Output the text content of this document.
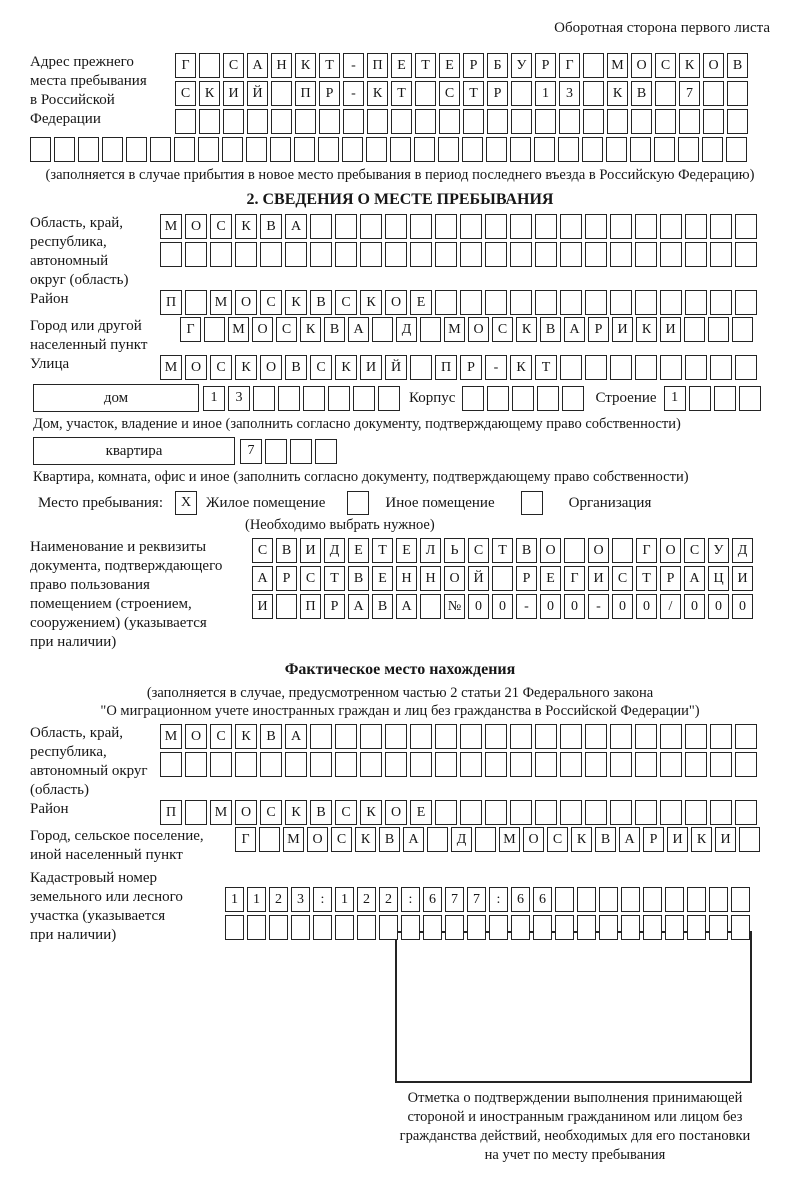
Оборотная сторона первого листа
Адрес прежнего
места пребывания
в Российской
Федерации
Г	С	А Н	К	Т	-	П	Е	Т	Е	Р	Б	У	Р	Г	М О	С	К	О	В
С	К	И Й	П	Р	-	К	Т	С	Т	Р	1	3	К	В	7
(заполняется в случае прибытия в новое место пребывания в период последнего въезда в Российскую Федерацию)
2. СВЕДЕНИЯ О МЕСТЕ ПРЕБЫВАНИЯ
Область, край,
республика,
автономный
округ (область)
М О	С	К	В	А
Район	П	М О	С	К	В	С	К	О	Е
Город или другой
населенный пункт
Г	М О	С	К	В	А	Д	М О	С	К	В	А	Р	И	К	И
Улица	М О	С	К	О	В	С	К	И	Й	П	Р	-	К	Т
дом	1	3	Корпус	Строение	1
Дом, участок, владение и иное (заполнить согласно документу, подтверждающему право собственности)
квартира	7
Квартира, комната, офис и иное (заполнить согласно документу, подтверждающему право собственности)
Место пребывания:	X Жилое помещение	Иное помещение	Организация
(Необходимо выбрать нужное)
Наименование и реквизиты
документа, подтверждающего
право пользования
помещением (строением,
сооружением) (указывается
при наличии)
С	В	И	Д	Е	Т	Е	Л	Ь	С	Т	В	О	О	Г	О	С	У	Д
А	Р	С	Т	В	Е	Н Н О Й	Р	Е	Г	И	С	Т	Р	А Ц И
И	П	Р	А	В	А	№ 0	0	-	0	0	-	0	0	/	0	0	0
Фактическое место нахождения
(заполняется в случае, предусмотренном частью 2 статьи 21 Федерального закона
"О миграционном учете иностранных граждан и лиц без гражданства в Российской Федерации")
Область, край,
республика,
автономный округ
(область)
М О	С	К	В	А
Район	П	М О	С	К	В	С	К	О	Е
Город, сельское поселение,
иной населенный пункт
Г	М О	С	К	В	А	Д	М О	С	К	В	А	Р	И	К	И
Кадастровый номер
земельного или лесного
участка (указывается
при наличии)
1	1	2	3	:	1	2	2	:	6	7	7	:	6	6
Отметка о подтверждении выполнения принимающей
стороной и иностранным гражданином или лицом без
гражданства действий, необходимых для его постановки
на учет по месту пребывания
